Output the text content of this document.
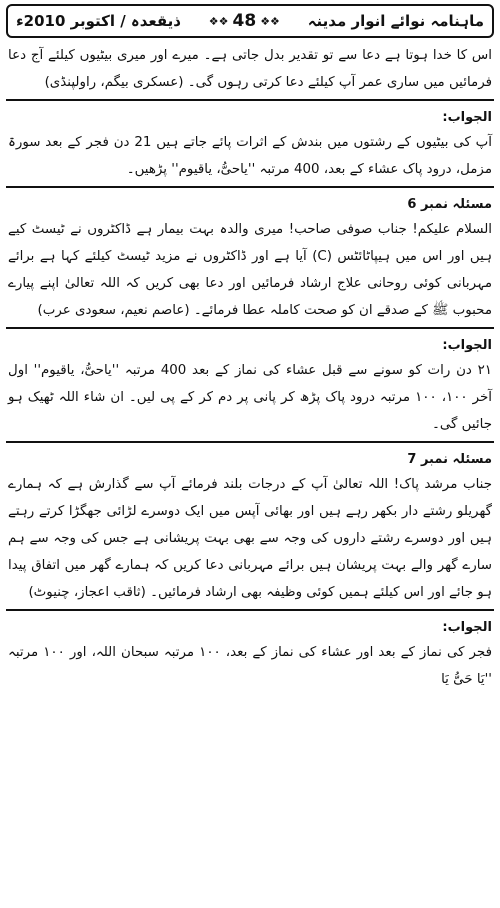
ماہنامہ نوائے انوار مدینہ
❖❖ 48 ❖❖
ذیقعدہ / اکتوبر 2010ء

اس کا خدا ہوتا ہے دعا سے تو تقدیر بدل جاتی ہے۔ میرے اور میری بیٹیوں کیلئے آج دعا فرمائیں میں ساری عمر آپ کیلئے دعا کرتی رہوں گی۔ (عسکری بیگم، راولپنڈی)

الجواب:

آپ کی بیٹیوں کے رشتوں میں بندش کے اثرات پائے جاتے ہیں 21 دن فجر کے بعد سورۃ مزمل، درود پاک عشاء کے بعد، 400 مرتبہ ''یاحیُّ، یاقیوم'' پڑھیں۔

مسئلہ نمبر 6

السلام علیکم! جناب صوفی صاحب! میری والدہ بہت بیمار ہے ڈاکٹروں نے ٹیسٹ کیے ہیں اور اس میں ہیپاٹائٹس (C) آیا ہے اور ڈاکٹروں نے مزید ٹیسٹ کیلئے کہا ہے برائے مہربانی کوئی روحانی علاج ارشاد فرمائیں اور دعا بھی کریں کہ اللہ تعالیٰ اپنے پیارے محبوب ﷺ کے صدقے ان کو صحت کاملہ عطا فرمائے۔ (عاصم نعیم، سعودی عرب)

الجواب:

۲۱ دن رات کو سونے سے قبل عشاء کی نماز کے بعد 400 مرتبہ ''یاحیُّ، یاقیوم'' اول آخر ۱۰۰، ۱۰۰ مرتبہ درود پاک پڑھ کر پانی پر دم کر کے پی لیں۔ ان شاء اللہ ٹھیک ہو جائیں گی۔

مسئلہ نمبر 7

جناب مرشد پاک! اللہ تعالیٰ آپ کے درجات بلند فرمائے آپ سے گذارش ہے کہ ہمارے گھریلو رشتے دار بکھر رہے ہیں اور بھائی آپس میں ایک دوسرے لڑائی جھگڑا کرتے رہتے ہیں اور دوسرے رشتے داروں کی وجہ سے بھی بہت پریشانی ہے جس کی وجہ سے ہم سارے گھر والے بہت پریشان ہیں برائے مہربانی دعا کریں کہ ہمارے گھر میں اتفاق پیدا ہو جائے اور اس کیلئے ہمیں کوئی وظیفہ بھی ارشاد فرمائیں۔ (ثاقب اعجاز، چنیوٹ)

الجواب:

فجر کی نماز کے بعد اور عشاء کی نماز کے بعد، ۱۰۰ مرتبہ سبحان اللہ، اور ۱۰۰ مرتبہ ''یَا حَیُّ یَا
